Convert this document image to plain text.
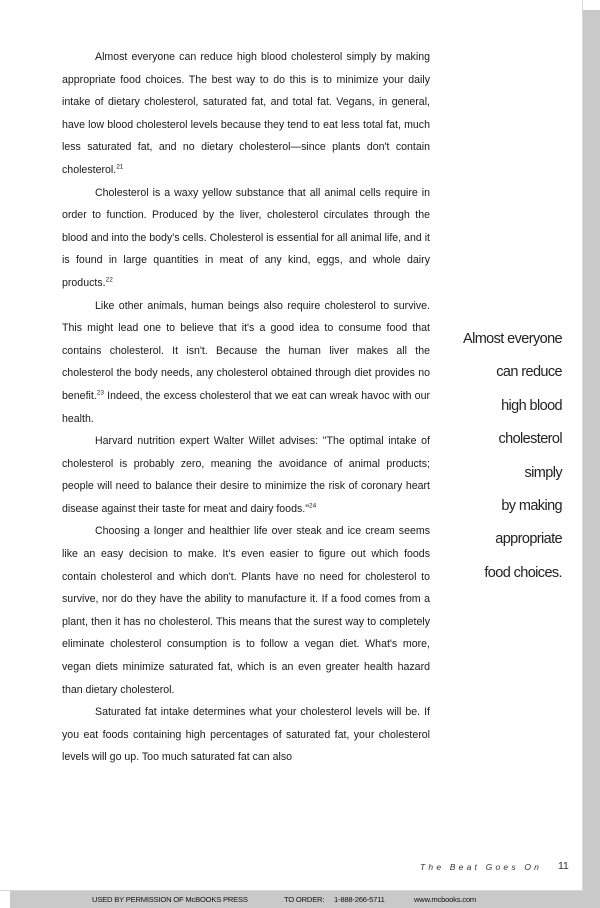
Almost everyone can reduce high blood cholesterol simply by making appropriate food choices. The best way to do this is to minimize your daily intake of dietary cholesterol, saturated fat, and total fat. Vegans, in general, have low blood cholesterol levels because they tend to eat less total fat, much less saturated fat, and no dietary cholesterol—since plants don't contain cholesterol.$^{21}$

Cholesterol is a waxy yellow substance that all animal cells require in order to function. Produced by the liver, cholesterol circulates through the blood and into the body's cells. Cholesterol is essential for all animal life, and it is found in large quantities in meat of any kind, eggs, and whole dairy products.$^{22}$

Like other animals, human beings also require cholesterol to survive. This might lead one to believe that it's a good idea to consume food that contains cholesterol. It isn't. Because the human liver makes all the cholesterol the body needs, any cholesterol obtained through diet provides no benefit.$^{23}$ Indeed, the excess cholesterol that we eat can wreak havoc with our health.

Harvard nutrition expert Walter Willet advises: "The optimal intake of cholesterol is probably zero, meaning the avoidance of animal products; people will need to balance their desire to minimize the risk of coronary heart disease against their taste for meat and dairy foods."$^{24}$

Choosing a longer and healthier life over steak and ice cream seems like an easy decision to make. It's even easier to figure out which foods contain cholesterol and which don't. Plants have no need for cholesterol to survive, nor do they have the ability to manufacture it. If a food comes from a plant, then it has no cholesterol. This means that the surest way to completely eliminate cholesterol consumption is to follow a vegan diet. What's more, vegan diets minimize saturated fat, which is an even greater health hazard than dietary cholesterol.

Saturated fat intake determines what your cholesterol levels will be. If you eat foods containing high percentages of saturated fat, your cholesterol levels will go up. Too much saturated fat can also

Almost everyone
can reduce
high blood
cholesterol
simply
by making
appropriate
food choices.
The Beat Goes On 11
USED BY PERMISSION OF McBOOKS PRESS	TO ORDER: 1-888-266-5711	www.mcbooks.com
